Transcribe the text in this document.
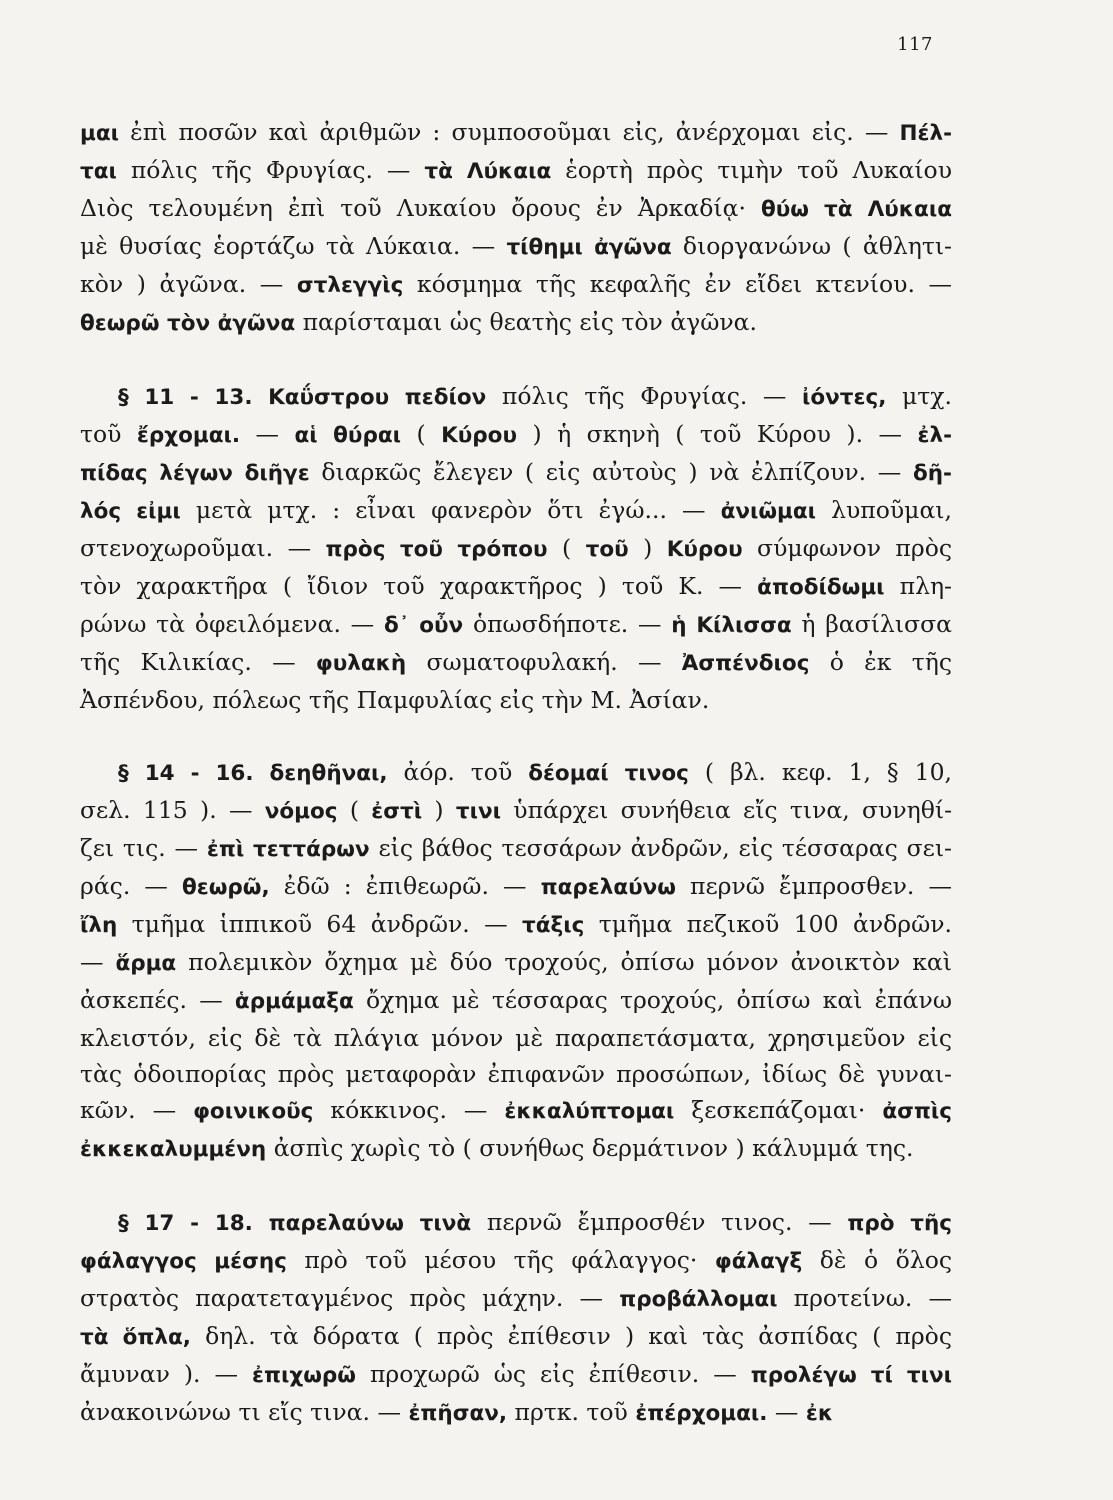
117
μαι ἐπὶ ποσῶν καὶ ἀριθμῶν : συμποσοῦμαι εἰς, ἀνέρχομαι εἰς. — Πέλ-
ται πόλις τῆς Φρυγίας. — τὰ Λύκαια ἑορτὴ πρὸς τιμὴν τοῦ Λυκαίου
Διὸς τελουμένη ἐπὶ τοῦ Λυκαίου ὄρους ἐν Ἀρκαδίᾳ· θύω τὰ Λύκαια
μὲ θυσίας ἑορτάζω τὰ Λύκαια. — τίθημι ἀγῶνα διοργανώνω ( ἀθλητι-
κὸν ) ἀγῶνα. — στλεγγὶς κόσμημα τῆς κεφαλῆς ἐν εἴδει κτενίου. —
θεωρῶ τὸν ἀγῶνα παρίσταμαι ὡς θεατὴς εἰς τὸν ἀγῶνα.
§ 11 - 13. Καΰστρου πεδίον πόλις τῆς Φρυγίας. — ἰόντες, μτχ.
τοῦ ἔρχομαι. — αἱ θύραι ( Κύρου ) ἡ σκηνὴ ( τοῦ Κύρου ). — ἐλ-
πίδας λέγων διῆγε διαρκῶς ἔλεγεν ( εἰς αὐτοὺς ) νὰ ἐλπίζουν. — δῆ-
λός εἰμι μετὰ μτχ. : εἶναι φανερὸν ὅτι ἐγώ... — ἀνιῶμαι λυποῦμαι,
στενοχωροῦμαι. — πρὸς τοῦ τρόπου ( τοῦ ) Κύρου σύμφωνον πρὸς
τὸν χαρακτῆρα ( ἴδιον τοῦ χαρακτῆρος ) τοῦ Κ. — ἀποδίδωμι πλη-
ρώνω τὰ ὀφειλόμενα. — δ᾽ οὖν ὁπωσδήποτε. — ἡ Κίλισσα ἡ βασίλισσα
τῆς Κιλικίας. — φυλακὴ σωματοφυλακή. — Ἀσπένδιος ὁ ἐκ τῆς
Ἀσπένδου, πόλεως τῆς Παμφυλίας εἰς τὴν Μ. Ἀσίαν.
§ 14 - 16. δεηθῆναι, ἀόρ. τοῦ δέομαί τινος ( βλ. κεφ. 1, § 10,
σελ. 115 ). — νόμος ( ἐστὶ ) τινι ὑπάρχει συνήθεια εἴς τινα, συνηθί-
ζει τις. — ἐπὶ τεττάρων εἰς βάθος τεσσάρων ἀνδρῶν, εἰς τέσσαρας σει-
ράς. — θεωρῶ, ἐδῶ : ἐπιθεωρῶ. — παρελαύνω περνῶ ἔμπροσθεν. —
ἴλη τμῆμα ἱππικοῦ 64 ἀνδρῶν. — τάξις τμῆμα πεζικοῦ 100 ἀνδρῶν.
— ἅρμα πολεμικὸν ὄχημα μὲ δύο τροχούς, ὀπίσω μόνον ἀνοικτὸν καὶ
ἀσκεπές. — ἁρμάμαξα ὄχημα μὲ τέσσαρας τροχούς, ὀπίσω καὶ ἐπάνω
κλειστόν, εἰς δὲ τὰ πλάγια μόνον μὲ παραπετάσματα, χρησιμεῦον εἰς
τὰς ὁδοιπορίας πρὸς μεταφορὰν ἐπιφανῶν προσώπων, ἰδίως δὲ γυναι-
κῶν. — φοινικοῦς κόκκινος. — ἐκκαλύπτομαι ξεσκεπάζομαι· ἀσπὶς
ἐκκεκαλυμμένη ἀσπὶς χωρὶς τὸ ( συνήθως δερμάτινον ) κάλυμμά της.
§ 17 - 18. παρελαύνω τινὰ περνῶ ἔμπροσθέν τινος. — πρὸ τῆς
φάλαγγος μέσης πρὸ τοῦ μέσου τῆς φάλαγγος· φάλαγξ δὲ ὁ ὅλος
στρατὸς παρατεταγμένος πρὸς μάχην. — προβάλλομαι προτείνω. —
τὰ ὅπλα, δηλ. τὰ δόρατα ( πρὸς ἐπίθεσιν ) καὶ τὰς ἀσπίδας ( πρὸς
ἄμυναν ). — ἐπιχωρῶ προχωρῶ ὡς εἰς ἐπίθεσιν. — προλέγω τί τινι
ἀνακοινώνω τι εἴς τινα. — ἐπῆσαν, πρτκ. τοῦ ἐπέρχομαι. — ἐκ
